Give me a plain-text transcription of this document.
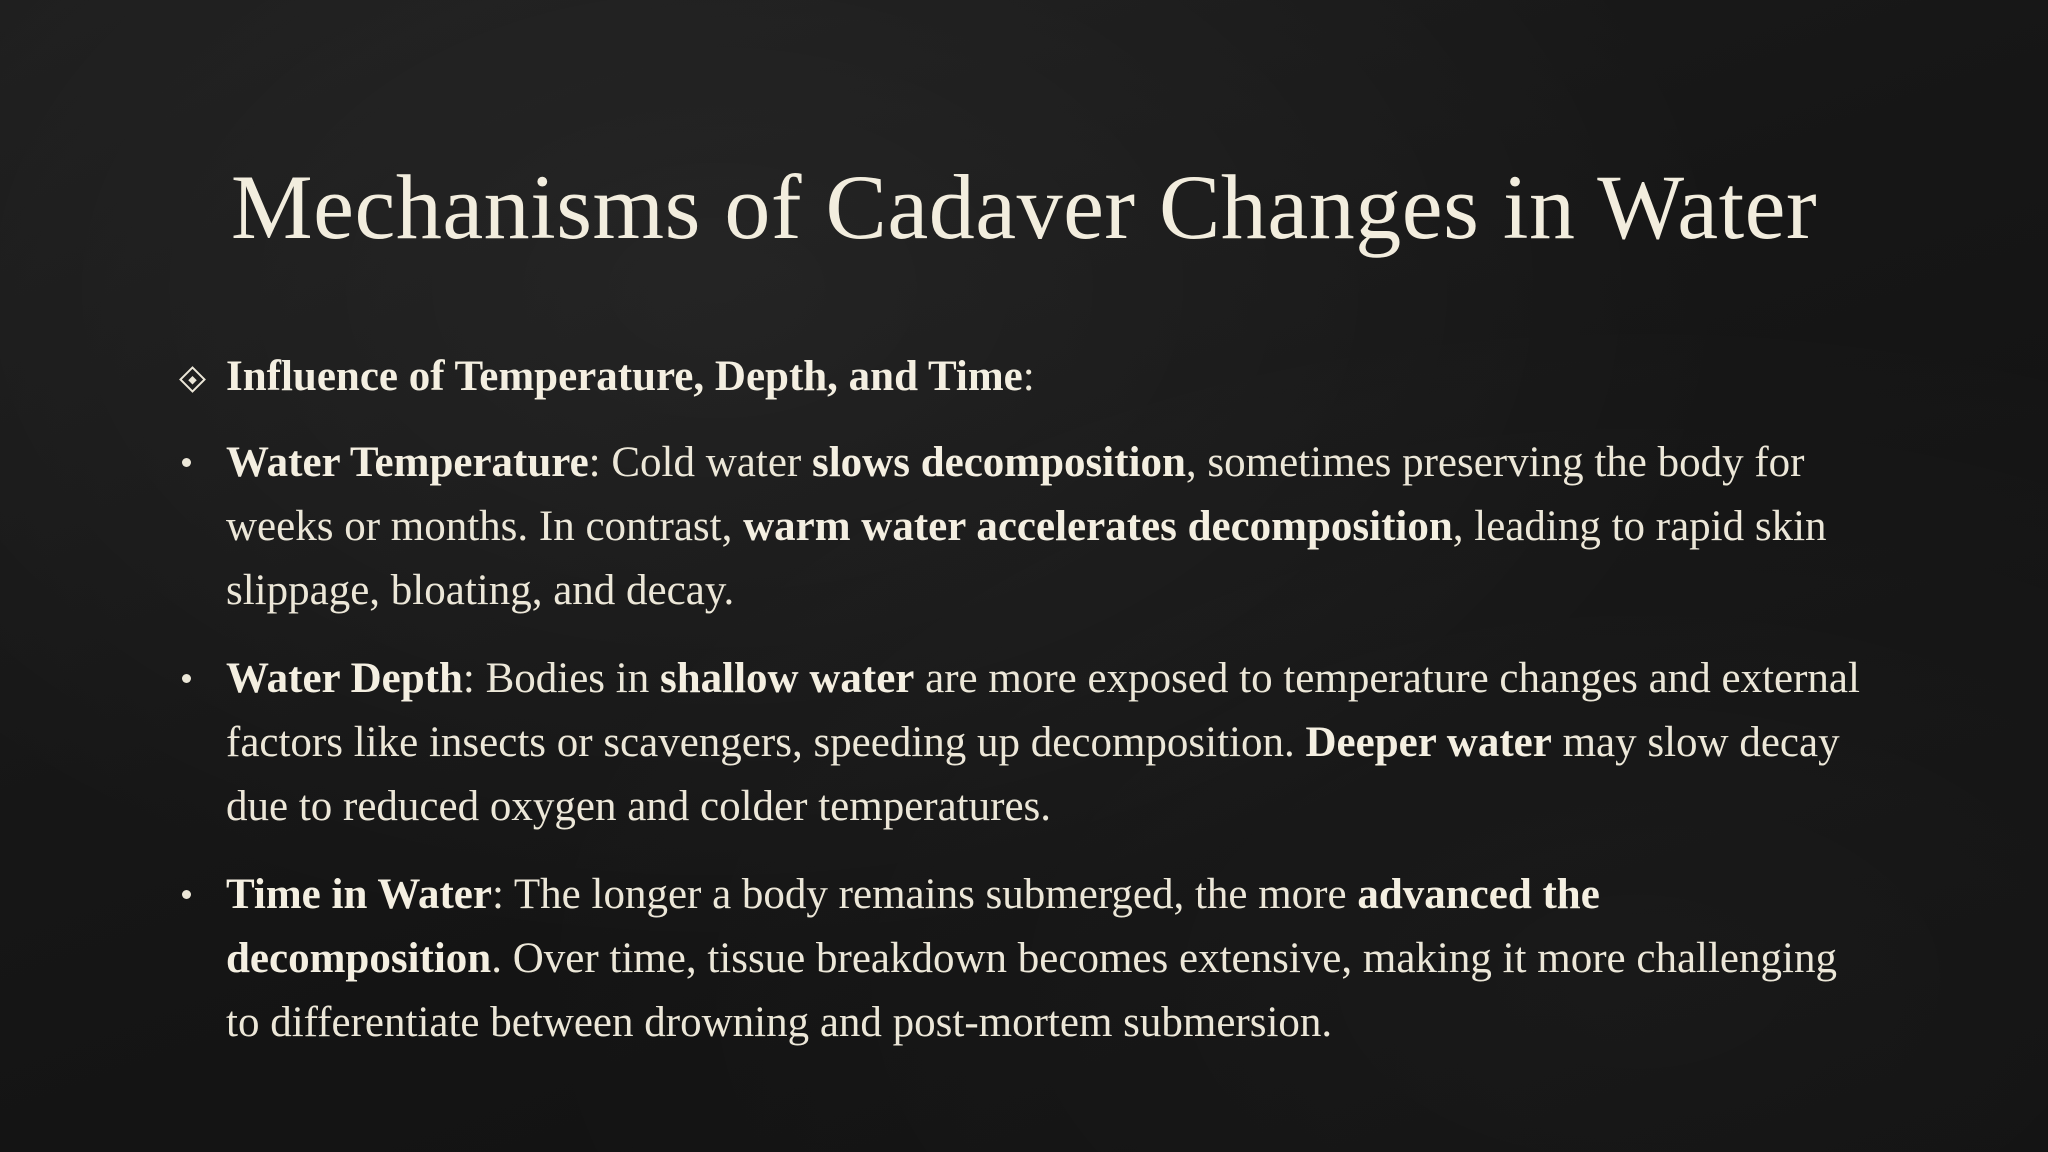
Mechanisms of Cadaver Changes in Water
Influence of Temperature, Depth, and Time:
Water Temperature: Cold water slows decomposition, sometimes preserving the body for weeks or months. In contrast, warm water accelerates decomposition, leading to rapid skin slippage, bloating, and decay.
Water Depth: Bodies in shallow water are more exposed to temperature changes and external factors like insects or scavengers, speeding up decomposition. Deeper water may slow decay due to reduced oxygen and colder temperatures.
Time in Water: The longer a body remains submerged, the more advanced the decomposition. Over time, tissue breakdown becomes extensive, making it more challenging to differentiate between drowning and post-mortem submersion.
